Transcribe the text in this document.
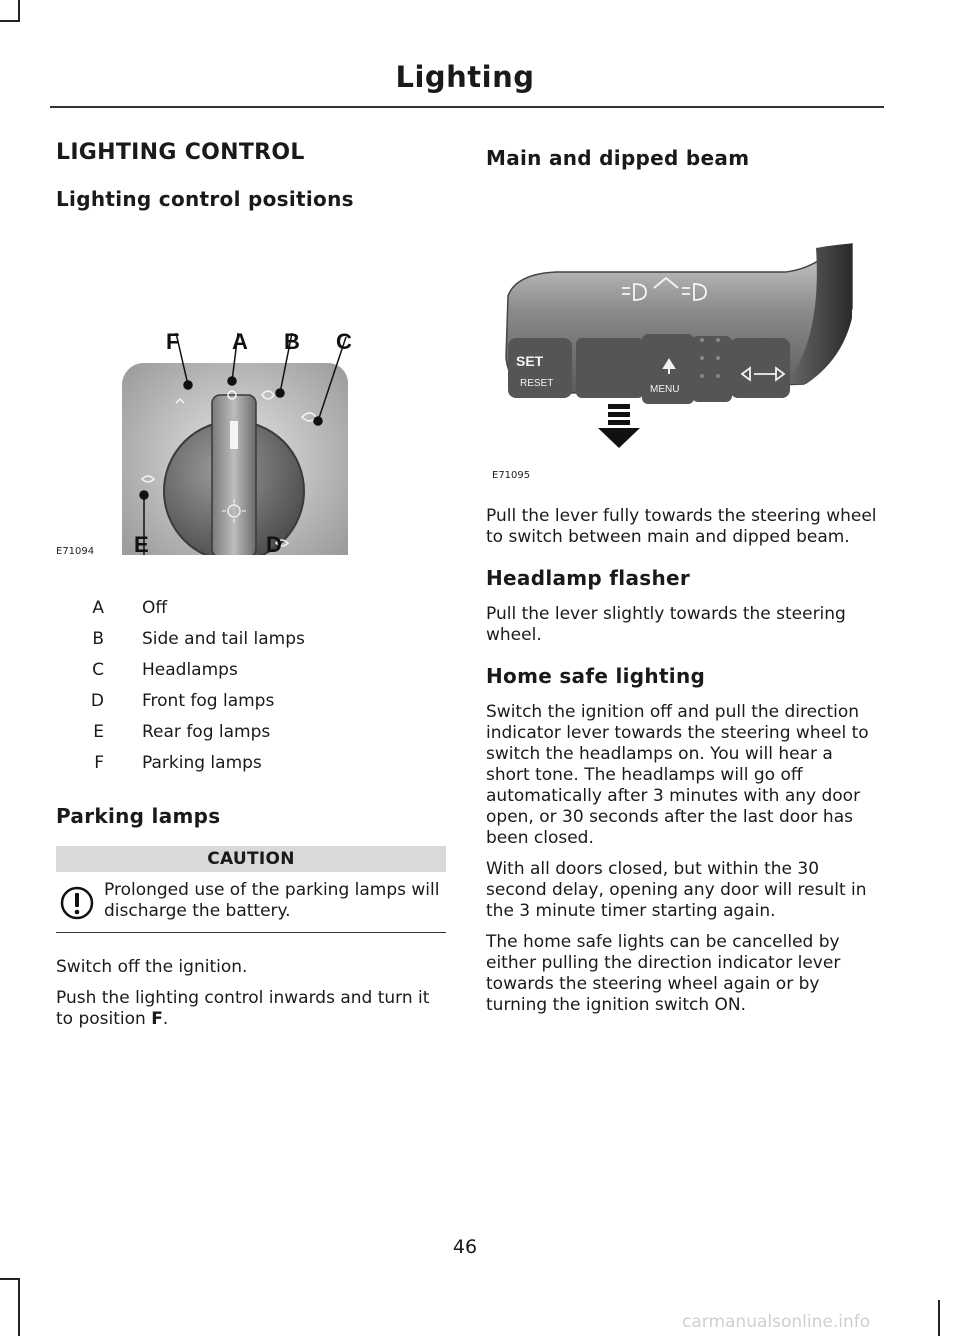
Lighting
LIGHTING CONTROL
Lighting control positions
F A B C
E	D
E71094
A Off
B Side and tail lamps
C Headlamps
D Front fog lamps
E Rear fog lamps
F Parking lamps
Parking lamps
CAUTION
Prolonged use of the parking lamps will discharge the battery.

Switch off the ignition.

Push the lighting control inwards and turn it to position F.

Main and dipped beam
SET
RESET
MENU
E71095

Pull the lever fully towards the steering wheel to switch between main and dipped beam.

Headlamp flasher

Pull the lever slightly towards the steering wheel.

Home safe lighting

Switch the ignition off and pull the direction indicator lever towards the steering wheel to switch the headlamps on. You will hear a short tone. The headlamps will go off automatically after 3 minutes with any door open, or 30 seconds after the last door has been closed.

With all doors closed, but within the 30 second delay, opening any door will result in the 3 minute timer starting again.

The home safe lights can be cancelled by either pulling the direction indicator lever towards the steering wheel again or by turning the ignition switch ON.

46
carmanualsonline.info
